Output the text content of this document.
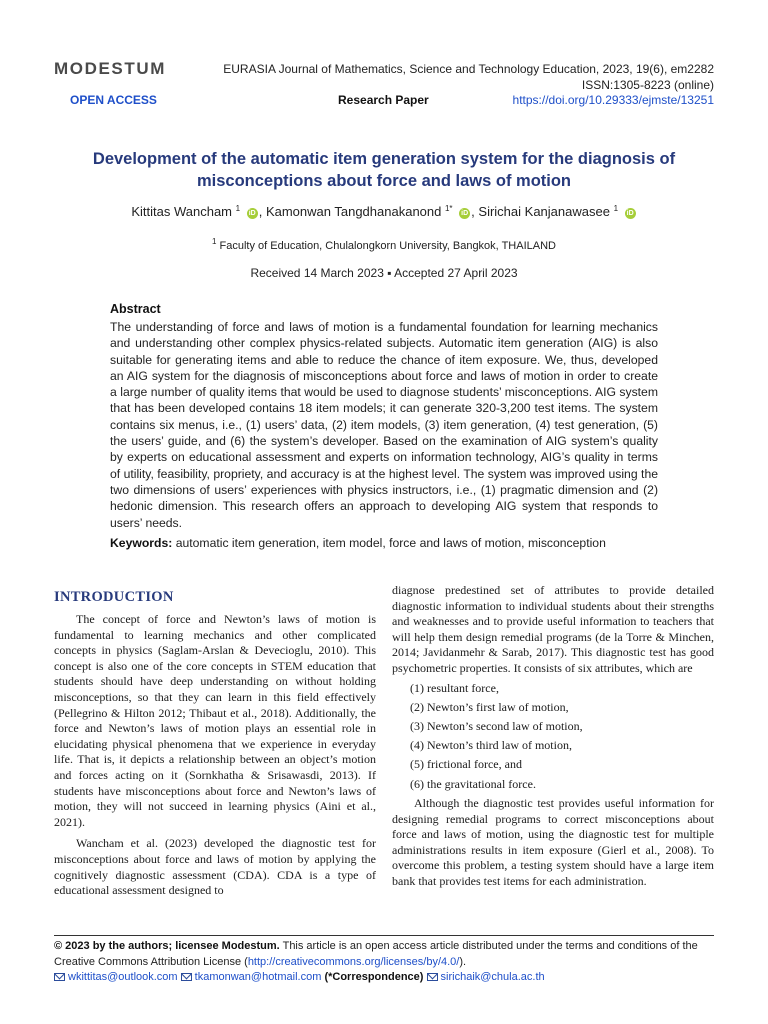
MODESTUM	EURASIA Journal of Mathematics, Science and Technology Education, 2023, 19(6), em2282
ISSN:1305-8223 (online)
OPEN ACCESS	Research Paper	https://doi.org/10.29333/ejmste/13251
Development of the automatic item generation system for the diagnosis of misconceptions about force and laws of motion
Kittitas Wancham $^1$ iD , Kamonwan Tangdhanakanond $^{1*}$ iD , Sirichai Kanjanawasee $^1$ iD
$^1$ Faculty of Education, Chulalongkorn University, Bangkok, THAILAND
Received 14 March 2023 ▪ Accepted 27 April 2023
Abstract
The understanding of force and laws of motion is a fundamental foundation for learning mechanics and understanding other complex physics-related subjects. Automatic item generation (AIG) is also suitable for generating items and able to reduce the chance of item exposure. We, thus, developed an AIG system for the diagnosis of misconceptions about force and laws of motion in order to create a large number of quality items that would be used to diagnose students’ misconceptions. AIG system that has been developed contains 18 item models; it can generate 320-3,200 test items. The system contains six menus, i.e., (1) users’ data, (2) item models, (3) item generation, (4) test generation, (5) the users’ guide, and (6) the system’s developer. Based on the examination of AIG system’s quality by experts on educational assessment and experts on information technology, AIG’s quality in terms of utility, feasibility, propriety, and accuracy is at the highest level. The system was improved using the two dimensions of users’ experiences with physics instructors, i.e., (1) pragmatic dimension and (2) hedonic dimension. This research offers an approach to developing AIG system that responds to users’ needs.
Keywords: automatic item generation, item model, force and laws of motion, misconception
INTRODUCTION

The concept of force and Newton’s laws of motion is fundamental to learning mechanics and other complicated concepts in physics (Saglam-Arslan & Devecioglu, 2010). This concept is also one of the core concepts in STEM education that students should have deep understanding on without holding misconceptions, so that they can learn in this field effectively (Pellegrino & Hilton 2012; Thibaut et al., 2018). Additionally, the force and Newton’s laws of motion plays an essential role in elucidating physical phenomena that we experience in everyday life. That is, it depicts a relationship between an object’s motion and forces acting on it (Sornkhatha & Srisawasdi, 2013). If students have misconceptions about force and Newton’s laws of motion, they will not succeed in learning physics (Aini et al., 2021).

Wancham et al. (2023) developed the diagnostic test for misconceptions about force and laws of motion by applying the cognitively diagnostic assessment (CDA). CDA is a type of educational assessment designed to

diagnose predestined set of attributes to provide detailed diagnostic information to individual students about their strengths and weaknesses and to provide useful information to teachers that will help them design remedial programs (de la Torre & Minchen, 2014; Javidanmehr & Sarab, 2017). This diagnostic test has good psychometric properties. It consists of six attributes, which are

(1) resultant force,
(2) Newton’s first law of motion,
(3) Newton’s second law of motion,
(4) Newton’s third law of motion,
(5) frictional force, and
(6) the gravitational force.

Although the diagnostic test provides useful information for designing remedial programs to correct misconceptions about force and laws of motion, using the diagnostic test for multiple administrations results in item exposure (Gierl et al., 2008). To overcome this problem, a testing system should have a large item bank that provides test items for each administration.

© 2023 by the authors; licensee Modestum. This article is an open access article distributed under the terms and conditions of the Creative Commons Attribution License (http://creativecommons.org/licenses/by/4.0/).
wkittitas@outlook.com tkamonwan@hotmail.com (*Correspondence) sirichaik@chula.ac.th
